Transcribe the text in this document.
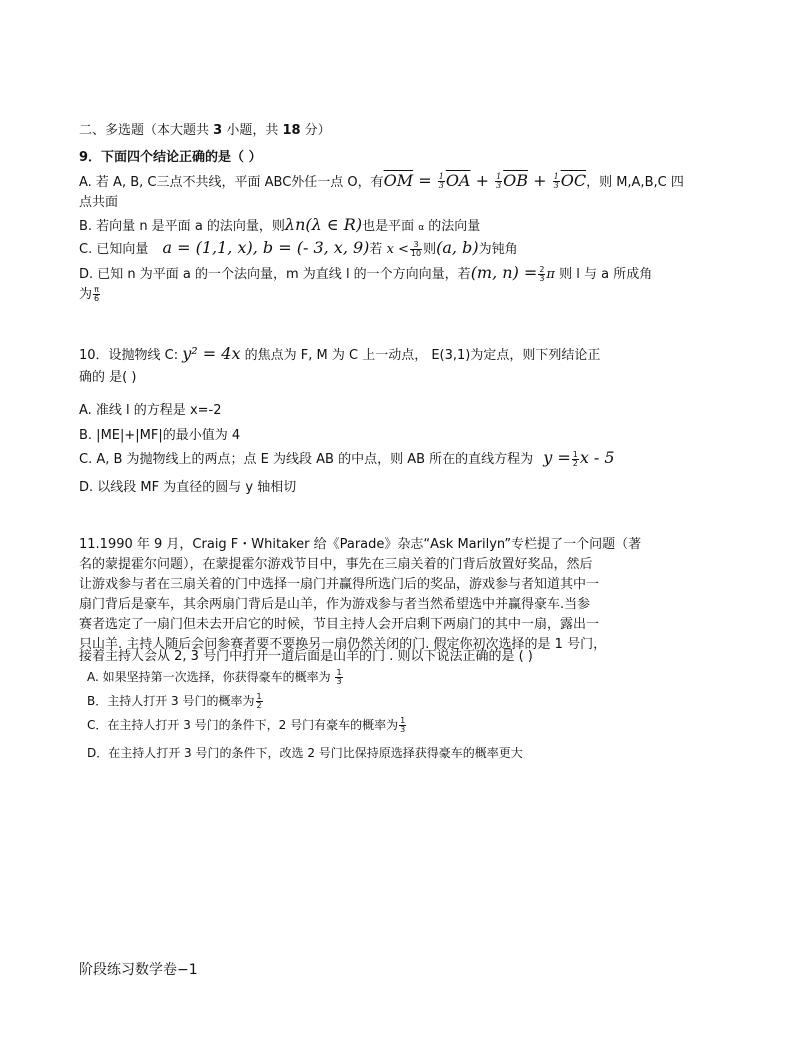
二、多选题（本大题共 3 小题，共 18 分）
9．下面四个结论正确的是（ ）
A. 若 A, B, C三点不共线，平面 ABC外任一点 O，有$\overline{OM} = \frac{1}{3} \overline{OA} + \frac{1}{3} \overline{OB} + \frac{1}{3} \overline{OC}$，则 M,A,B,C 四
点共面
B. 若向量 n 是平面 a 的法向量，则λn(λ ∈ R)也是平面 α 的法向量
C. 已知向量 a = (1,1, x), b = (- 3, x, 9)若 $x < \frac{3}{10}$ 则(a, b)为钝角
D. 已知 n 为平面 a 的一个法向量，m 为直线 l 的一个方向向量，若(m, $n) = \frac{2}{3}$ π 则 l 与 a 所成角
为 $\frac{\pi}{6}$
10．设抛物线 C: y² = 4x 的焦点为 F, M 为 C 上一动点， E(3,1)为定点，则下列结论正
确的 是( )
A. 准线 l 的方程是 x=-2
B. |ME|+|MF|的最小值为 4
C. A, B 为抛物线上的两点；点 E 为线段 AB 的中点，则 AB 所在的直线方程为 $y = \frac{1}{2}$ x - 5
D. 以线段 MF 为直径的圆与 y 轴相切
11.1990 年 9 月，Craig F・Whitaker 给《Parade》杂志“Ask Marilyn”专栏提了一个问题（著
名的蒙提霍尔问题），在蒙提霍尔游戏节目中，事先在三扇关着的门背后放置好奖品，然后
让游戏参与者在三扇关着的门中选择一扇门并赢得所选门后的奖品，游戏参与者知道其中一
扇门背后是豪车，其余两扇门背后是山羊，作为游戏参与者当然希望选中并赢得豪车.当参
赛者选定了一扇门但未去开启它的时候，节目主持人会开启剩下两扇门的其中一扇，露出一
只山羊. 主持人随后会问参赛者要不要换另一扇仍然关闭的门. 假定你初次选择的是 1 号门，
接着主持人会从 2, 3 号门中打开一道后面是山羊的门 . 则以下说法正确的是 ( )
A. 如果坚持第一次选择，你获得豪车的概率为 $\frac{1}{3}$
B．主持人打开 3 号门的概率为 $\frac{1}{2}$
C．在主持人打开 3 号门的条件下，2 号门有豪车的概率为 $\frac{1}{3}$
D．在主持人打开 3 号门的条件下，改选 2 号门比保持原选择获得豪车的概率更大
阶段练习数学卷−1
